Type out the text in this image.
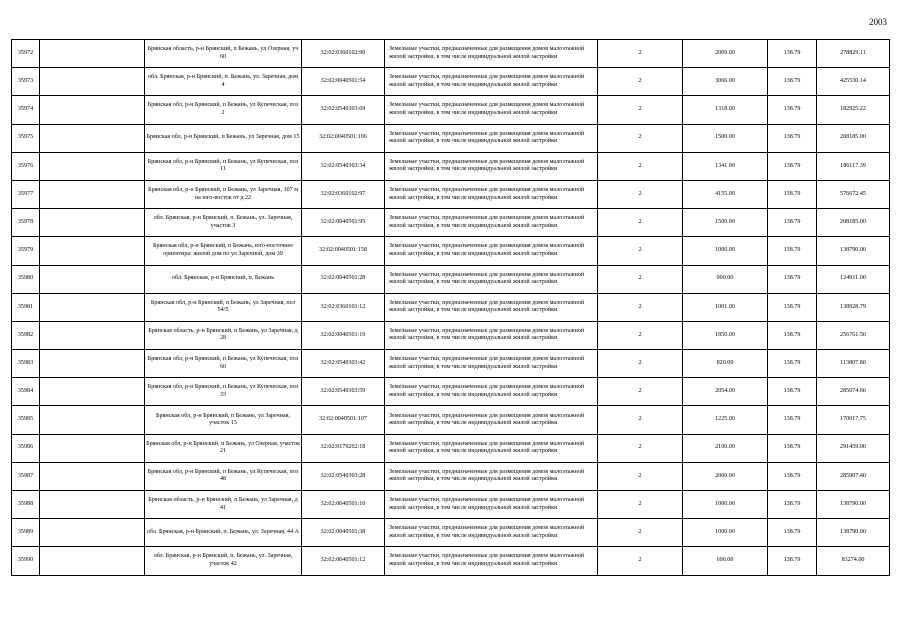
2003
35972		Брянская область, р-н Брянский, п Бежань, ул Озерная, уч 60	32:02:0360102:90	Земельные участки, предназначенные для размещения домов малоэтажной жилой застройки, в том числе индивидуальной жилой застройки	2	2009.00	138.79	278829.11
35973		обл. Брянская, р-н Брянский, п. Бежань, ул. Заречная, дом 4	32:02:0040501:54	Земельные участки, предназначенные для размещения домов малоэтажной жилой застройки, в том числе индивидуальной жилой застройки	2	3066.00	138.79	425530.14
35974		Брянская обл, р-н Брянский, п Бежань, ул Купеческая, поз 2	32:02:0540303:69	Земельные участки, предназначенные для размещения домов малоэтажной жилой застройки, в том числе индивидуальной жилой застройки	2	1318.00	138.79	182925.22
35975		Брянская обл, р-н Брянский, п Бежань, ул Заречная, дом 15	32:02:0040501:106	Земельные участки, предназначенные для размещения домов малоэтажной жилой застройки, в том числе индивидуальной жилой застройки	2	1500.00	138.79	208185.00
35976		Брянская обл, р-н Брянский, п Бежань, ул Купеческая, поз 11	32:02:0540303:34	Земельные участки, предназначенные для размещения домов малоэтажной жилой застройки, в том числе индивидуальной жилой застройки	2	1341.00	138.79	186117.39
35977		Брянская обл, р-н Брянский, п Бежань, ул Заречная, 307 м на юго-восток от д 22	32:02:0360102:97	Земельные участки, предназначенные для размещения домов малоэтажной жилой застройки, в том числе индивидуальной жилой застройки	2	4155.00	138.79	576672.45
35978		обл. Брянская, р-н Брянский, п. Бежань, ул. Заречная, участок 3	32:02:0040501:95	Земельные участки, предназначенные для размещения домов малоэтажной жилой застройки, в том числе индивидуальной жилой застройки	2	1500.00	138.79	208185.00
35979		Брянская обл, р-н Брянский, п Бежань, юго-восточнее ориентира: жилой дом по ул Заречной, дом 39	32:02:0040501:158	Земельные участки, предназначенные для размещения домов малоэтажной жилой застройки, в том числе индивидуальной жилой застройки	2	1000.00	138.79	138790.00
35980		обл. Брянская, р-н Брянский, п. Бежань	32:02:0040501:28	Земельные участки, предназначенные для размещения домов малоэтажной жилой застройки, в том числе индивидуальной жилой застройки	2	900.00	138.79	124911.00
35981		Брянская обл, р-н Брянский, п Бежань, ул Заречная, поз 54/5	32:02:0360101:12	Земельные участки, предназначенные для размещения домов малоэтажной жилой застройки, в том числе индивидуальной жилой застройки	2	1001.00	138.79	138928.79
35982		Брянская область, р-н Брянский, п Бежань, ул Заречная, д 28	32:02:0040501:19	Земельные участки, предназначенные для размещения домов малоэтажной жилой застройки, в том числе индивидуальной жилой застройки	2	1850.00	138.79	256761.50
35983		Брянская обл, р-н Брянский, п Бежань, ул Купеческая, поз 60	32:02:0540303:42	Земельные участки, предназначенные для размещения домов малоэтажной жилой застройки, в том числе индивидуальной жилой застройки	2	820.00	138.79	113807.80
35984		Брянская обл, р-н Брянский, п Бежань, ул Купеческая, поз 33	32:02:0540303:59	Земельные участки, предназначенные для размещения домов малоэтажной жилой застройки, в том числе индивидуальной жилой застройки	2	2054.00	138.79	285074.66
35985		Брянская обл, р-н Брянский, п Бежань, ул Заречная, участок 13	32:02:0040501:107	Земельные участки, предназначенные для размещения домов малоэтажной жилой застройки, в том числе индивидуальной жилой застройки	2	1225.00	138.79	170017.75
35986		Брянская обл, р-н Брянский, п Бежань, ул Озерная, участок 21	32:02:0179202:18	Земельные участки, предназначенные для размещения домов малоэтажной жилой застройки, в том числе индивидуальной жилой застройки	2	2100.00	138.79	291459.00
35987		Брянская обл, р-н Брянский, п Бежань, ул Купеческая, поз 48	32:02:0540303:28	Земельные участки, предназначенные для размещения домов малоэтажной жилой застройки, в том числе индивидуальной жилой застройки	2	2060.00	138.79	285907.40
35988		Брянская область, р-н Брянский, п Бежань, ул Заречная, д 41	32:02:0040501:10	Земельные участки, предназначенные для размещения домов малоэтажной жилой застройки, в том числе индивидуальной жилой застройки	2	1000.00	138.79	138790.00
35989		обл. Брянская, р-н Брянский, п. Бежань, ул. Заречная, 44 А	32:02:0040501:38	Земельные участки, предназначенные для размещения домов малоэтажной жилой застройки, в том числе индивидуальной жилой застройки	2	1000.00	138.79	138790.00
35990		обл. Брянская, р-н Брянский, п. Бежань, ул. Заречная, участок 42	32:02:0040501:12	Земельные участки, предназначенные для размещения домов малоэтажной жилой застройки, в том числе индивидуальной жилой застройки	2	600.00	138.79	83274.00
